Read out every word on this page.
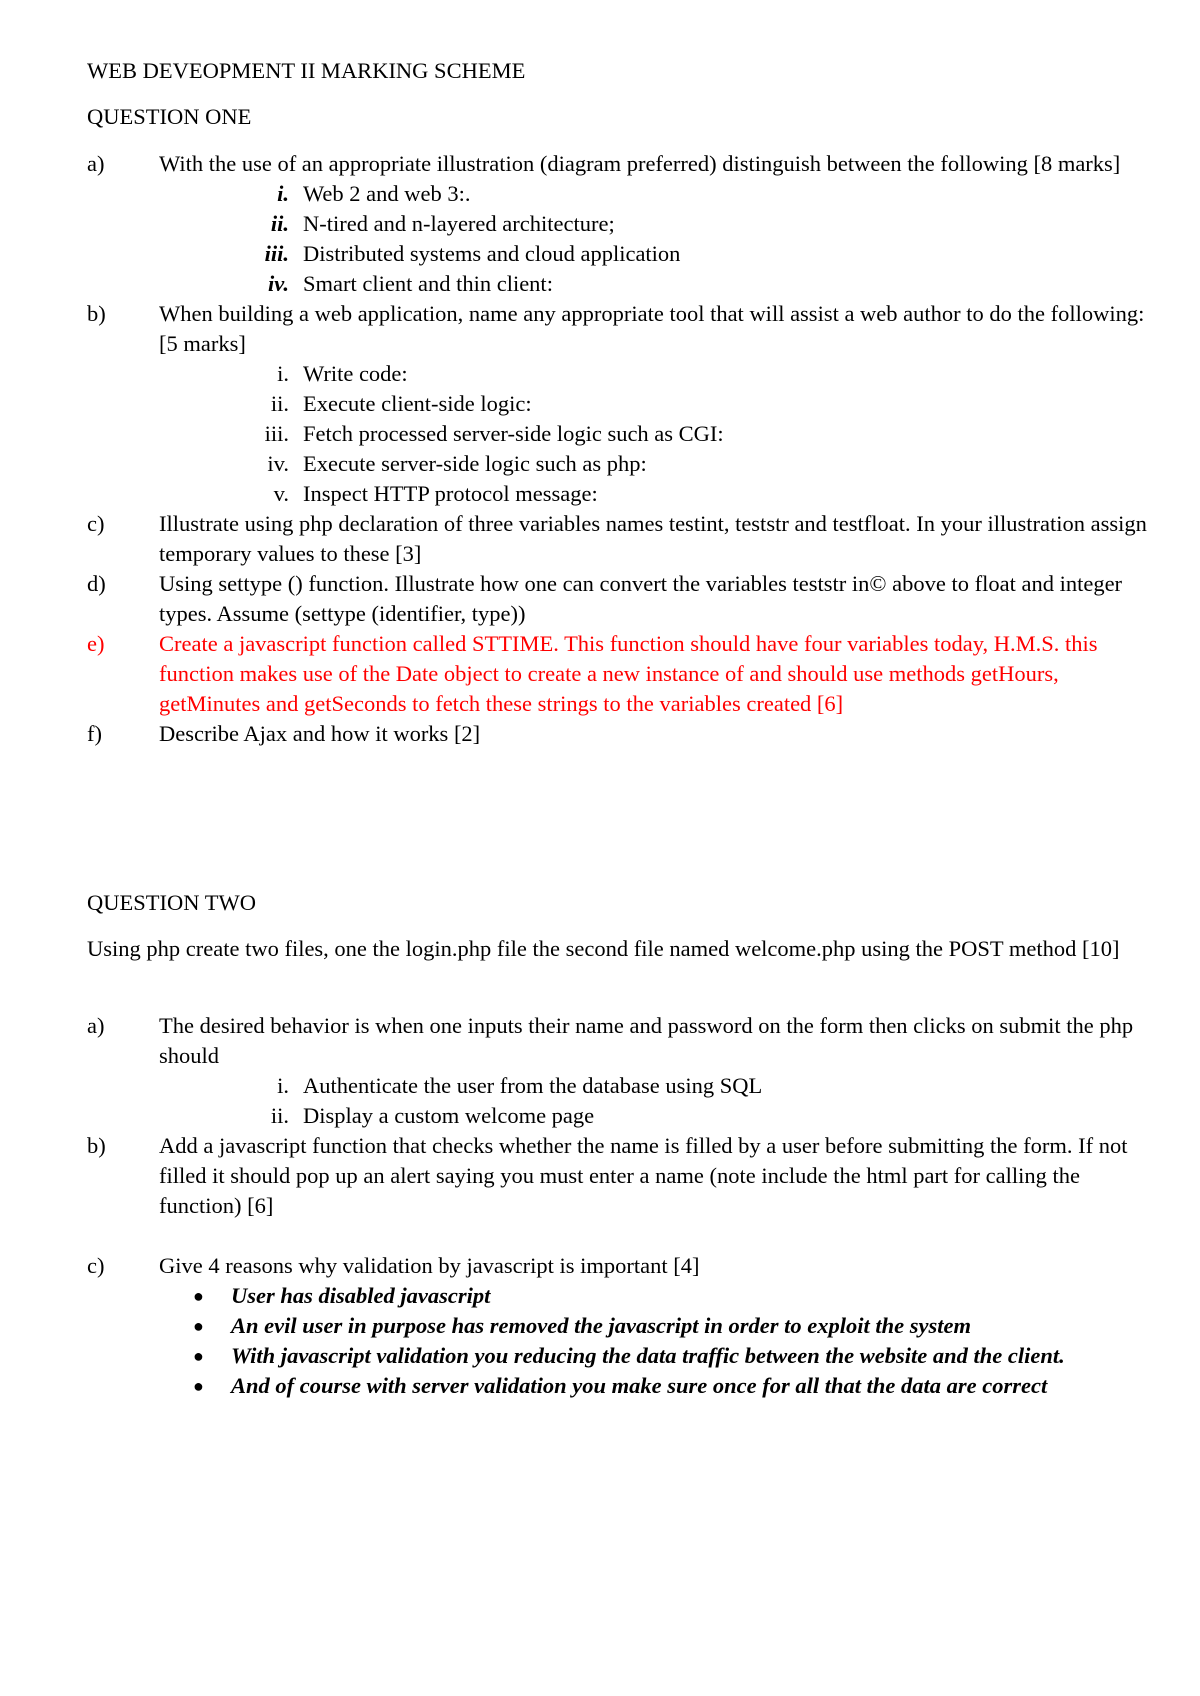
WEB DEVEOPMENT II MARKING SCHEME
QUESTION ONE
a)	With the use of an appropriate illustration (diagram preferred) distinguish between the following [8 marks]
i. Web 2 and web 3:.
ii. N-tired and n-layered architecture;
iii. Distributed systems and cloud application
iv. Smart client and thin client:
b)	When building a web application, name any appropriate tool that will assist a web author to do the following: [5 marks]
i. Write code:
ii. Execute client-side logic:
iii. Fetch processed server-side logic such as CGI:
iv. Execute server-side logic such as php:
v. Inspect HTTP protocol message:
c)	Illustrate using php declaration of three variables names testint, teststr and testfloat. In your illustration assign temporary values to these [3]
d)	Using settype () function. Illustrate how one can convert the variables teststr in© above to float and integer types. Assume (settype (identifier, type))
e)	Create a javascript function called STTIME. This function should have four variables today, H.M.S. this function makes use of the Date object to create a new instance of and should use methods getHours, getMinutes and getSeconds to fetch these strings to the variables created [6]
f)	Describe Ajax and how it works [2]
QUESTION TWO
Using php create two files, one the login.php file the second file named welcome.php using the POST method [10]
a)	The desired behavior is when one inputs their name and password on the form then clicks on submit the php should
i. Authenticate the user from the database using SQL
ii. Display a custom welcome page
b)	Add a javascript function that checks whether the name is filled by a user before submitting the form. If not filled it should pop up an alert saying you must enter a name (note include the html part for calling the function) [6]
c)	Give 4 reasons why validation by javascript is important [4]
●	User has disabled javascript
●	An evil user in purpose has removed the javascript in order to exploit the system
●	With javascript validation you reducing the data traffic between the website and the client.
●	And of course with server validation you make sure once for all that the data are correct
